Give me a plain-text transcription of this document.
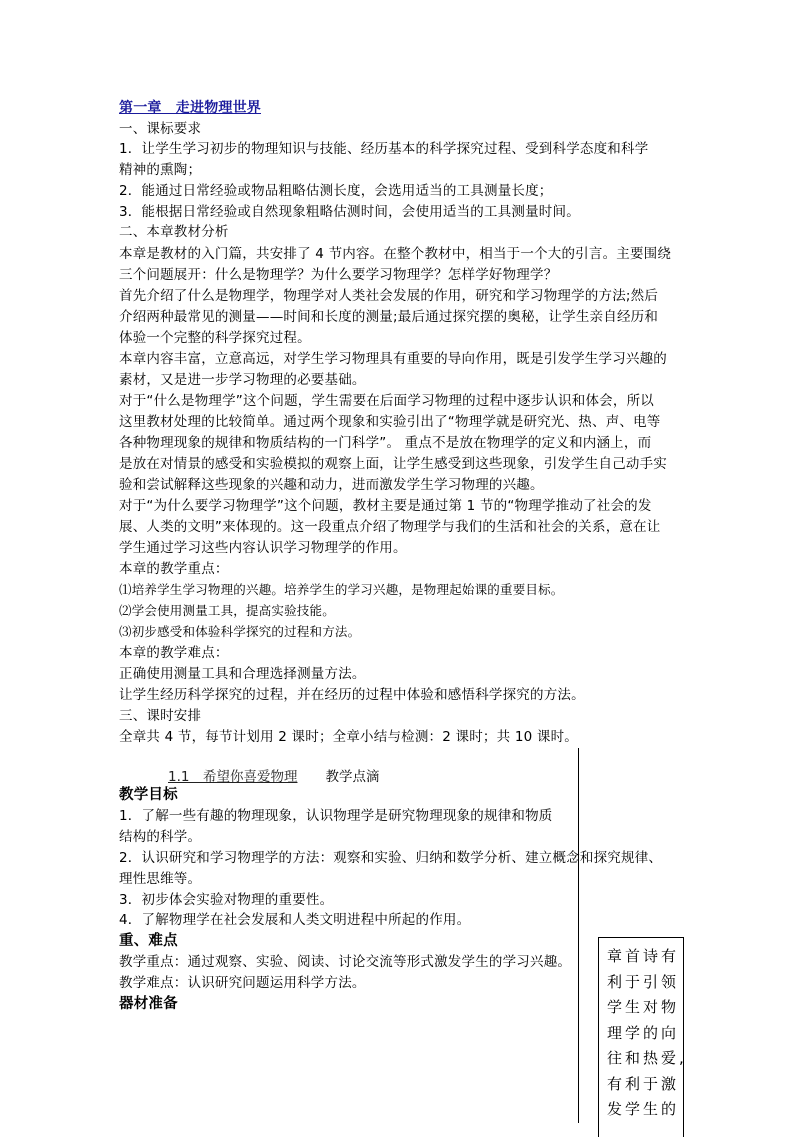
第一章　走进物理世界
一、课标要求
1．让学生学习初步的物理知识与技能、经历基本的科学探究过程、受到科学态度和科学
精神的熏陶；
2．能通过日常经验或物品粗略估测长度，会选用适当的工具测量长度；
3．能根据日常经验或自然现象粗略估测时间，会使用适当的工具测量时间。
二、本章教材分析
本章是教材的入门篇，共安排了 4 节内容。在整个教材中，相当于一个大的引言。主要围绕
三个问题展开：什么是物理学？为什么要学习物理学？怎样学好物理学？
首先介绍了什么是物理学，物理学对人类社会发展的作用，研究和学习物理学的方法;然后
介绍两种最常见的测量——时间和长度的测量;最后通过探究摆的奥秘，让学生亲自经历和
体验一个完整的科学探究过程。
本章内容丰富，立意高远，对学生学习物理具有重要的导向作用，既是引发学生学习兴趣的
素材，又是进一步学习物理的必要基础。
对于“什么是物理学”这个问题，学生需要在后面学习物理的过程中逐步认识和体会，所以
这里教材处理的比较简单。通过两个现象和实验引出了“物理学就是研究光、热、声、电等
各种物理现象的规律和物质结构的一门科学”。 重点不是放在物理学的定义和内涵上，而
是放在对情景的感受和实验模拟的观察上面，让学生感受到这些现象，引发学生自己动手实
验和尝试解释这些现象的兴趣和动力，进而激发学生学习物理的兴趣。
对于“为什么要学习物理学”这个问题，教材主要是通过第 1 节的“物理学推动了社会的发
展、人类的文明”来体现的。这一段重点介绍了物理学与我们的生活和社会的关系，意在让
学生通过学习这些内容认识学习物理学的作用。
本章的教学重点：
⑴培养学生学习物理的兴趣。培养学生的学习兴趣，是物理起始课的重要目标。
⑵学会使用测量工具，提高实验技能。
⑶初步感受和体验科学探究的过程和方法。
本章的教学难点：
正确使用测量工具和合理选择测量方法。
让学生经历科学探究的过程，并在经历的过程中体验和感悟科学探究的方法。
三、课时安排
全章共 4 节，每节计划用 2 课时；全章小结与检测：2 课时；共 10 课时。
1.1　希望你喜爱物理 教学点滴
教学目标
1．了解一些有趣的物理现象，认识物理学是研究物理现象的规律和物质
结构的科学。
2．认识研究和学习物理学的方法：观察和实验、归纳和数学分析、建立概念和探究规律、
理性思维等。
3．初步体会实验对物理的重要性。
4．了解物理学在社会发展和人类文明进程中所起的作用。
重、难点
教学重点：通过观察、实验、阅读、讨论交流等形式激发学生的学习兴趣。
教学难点：认识研究问题运用科学方法。
器材准备
章首诗有
利于引领
学生对物
理学的向
往和热爱,
有利于激
发学生的
